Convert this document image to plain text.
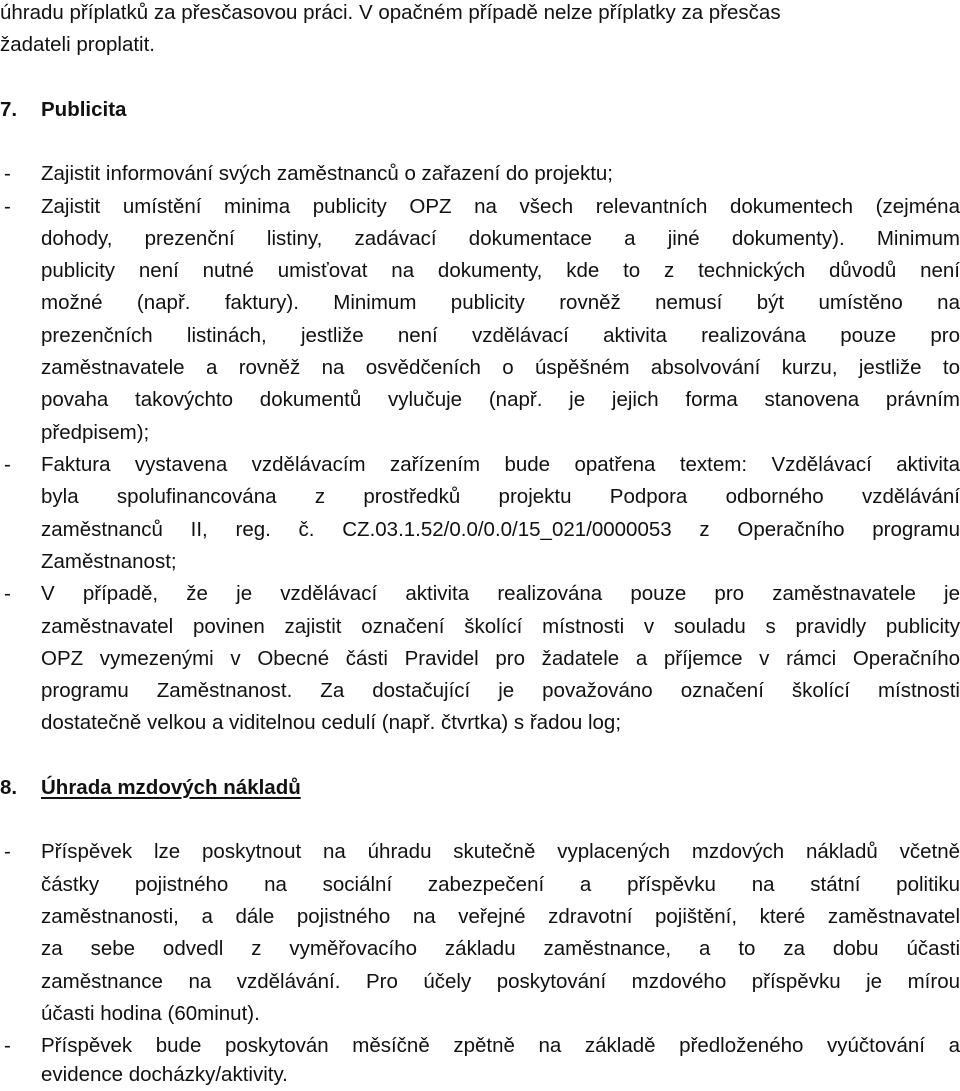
úhradu příplatků za přesčasovou práci. V opačném případě nelze příplatky za přesčas
žadateli proplatit.
7. Publicita
-	Zajistit informování svých zaměstnanců o zařazení do projektu;
-	Zajistit umístění minima publicity OPZ na všech relevantních dokumentech (zejména
dohody, prezenční listiny, zadávací dokumentace a jiné dokumenty). Minimum
publicity není nutné umisťovat na dokumenty, kde to z technických důvodů není
možné (např. faktury). Minimum publicity rovněž nemusí být umístěno na
prezenčních listinách, jestliže není vzdělávací aktivita realizována pouze pro
zaměstnavatele a rovněž na osvědčeních o úspěšném absolvování kurzu, jestliže to
povaha takovýchto dokumentů vylučuje (např. je jejich forma stanovena právním
předpisem);
-	Faktura vystavena vzdělávacím zařízením bude opatřena textem: Vzdělávací aktivita
byla spolufinancována z prostředků projektu Podpora odborného vzdělávání
zaměstnanců II, reg. č. CZ.03.1.52/0.0/0.0/15_021/0000053 z Operačního programu
Zaměstnanost;
-	V případě, že je vzdělávací aktivita realizována pouze pro zaměstnavatele je
zaměstnavatel povinen zajistit označení školící místnosti v souladu s pravidly publicity
OPZ vymezenými v Obecné části Pravidel pro žadatele a příjemce v rámci Operačního
programu Zaměstnanost. Za dostačující je považováno označení školící místnosti
dostatečně velkou a viditelnou cedulí (např. čtvrtka) s řadou log;
8. Úhrada mzdových nákladů
-	Příspěvek lze poskytnout na úhradu skutečně vyplacených mzdových nákladů včetně
částky pojistného na sociální zabezpečení a příspěvku na státní politiku
zaměstnanosti, a dále pojistného na veřejné zdravotní pojištění, které zaměstnavatel
za sebe odvedl z vyměřovacího základu zaměstnance, a to za dobu účasti
zaměstnance na vzdělávání. Pro účely poskytování mzdového příspěvku je mírou
účasti hodina (60minut).
-	Příspěvek bude poskytován měsíčně zpětně na základě předloženého vyúčtování a
evidence docházky/aktivity.
